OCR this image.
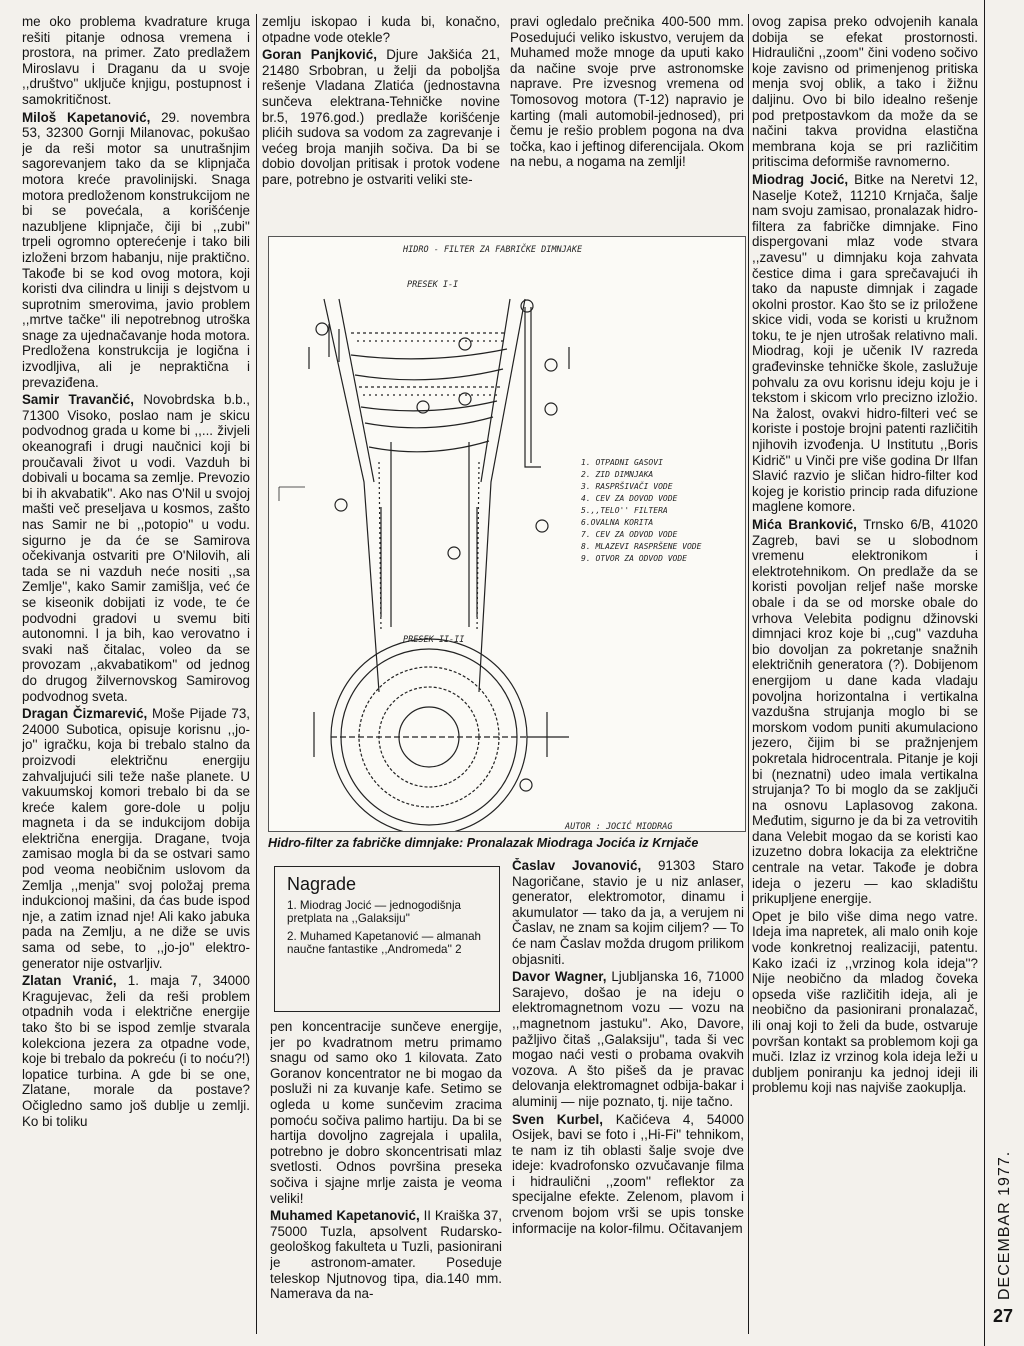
me oko problema kvadrature kruga rešiti pitanje odnosa vremena i prostora, na primer. Zato predlažem Miroslavu i Draganu da u svoje ,,društvo'' uključe knjigu, postupnost i samokritičnost.

Miloš Kapetanović, 29. novembra 53, 32300 Gornji Milanovac, pokušao je da reši motor sa unutrašnjim sagorevanjem tako da se klipnjača motora kreće pravolinijski. Snaga motora predloženom konstrukcijom ne bi se povećala, a korišćenje nazubljene klipnjače, čiji bi ,,zubi'' trpeli ogromno opterećenje i tako bili izloženi brzom habanju, nije praktično. Takođe bi se kod ovog motora, koji koristi dva cilindra u liniji s dejstvom u suprotnim smerovima, javio problem ,,mrtve tačke'' ili nepotrebnog utroška snage za ujednačavanje hoda motora. Predložena konstrukcija je logična i izvodljiva, ali je nepraktična i prevaziđena.

Samir Travančić, Novobrdska b.b., 71300 Visoko, poslao nam je skicu podvodnog grada u kome bi ,,... živjeli okeanografi i drugi naučnici koji bi proučavali život u vodi. Vazduh bi dobivali u bocama sa zemlje. Prevozio bi ih akvabatik''. Ako nas O'Nil u svojoj mašti več preseljava u kosmos, zašto nas Samir ne bi ,,potopio'' u vodu. sigurno je da će se Samirova očekivanja ostvariti pre O'Nilovih, ali tada se ni vazduh neće nositi ,,sa Zemlje'', kako Samir zamišlja, već će se kiseonik dobijati iz vode, te će podvodni gradovi u svemu biti autonomni. I ja bih, kao verovatno i svaki naš čitalac, voleo da se provozam ,,akvabatikom'' od jednog do drugog žilvernovskog Samirovog podvodnog sveta.

Dragan Čizmarević, Moše Pijade 73, 24000 Subotica, opisuje korisnu ,,jo-jo'' igračku, koja bi trebalo stalno da proizvodi električnu energiju zahvaljujući sili teže naše planete. U vakuumskoj komori trebalo bi da se kreće kalem gore-dole u polju magneta i da se indukcijom dobija električna energija. Dragane, tvoja zamisao mogla bi da se ostvari samo pod veoma neobičnim uslovom da Zemlja ,,menja'' svoj položaj prema indukcionoj mašini, da ćas bude ispod nje, a zatim iznad nje! Ali kako jabuka pada na Zemlju, a ne diže se uvis sama od sebe, to ,,jo-jo'' elektro-generator nije ostvarljiv.

Zlatan Vranić, 1. maja 7, 34000 Kragujevac, želi da reši problem otpadnih voda i električne energije tako što bi se ispod zemlje stvarala kolekciona jezera za otpadne vode, koje bi trebalo da pokreću (i to noću?!) lopatice turbina. A gde bi se one, Zlatane, morale da postave? Očigledno samo još dublje u zemlji. Ko bi toliku

zemlju iskopao i kuda bi, konačno, otpadne vode otekle?

Goran Panjković, Djure Jakšića 21, 21480 Srbobran, u želji da poboljša rešenje Vladana Zlatića (jednostavna sunčeva elektrana-Tehničke novine br.5, 1976.god.) predlaže korišćenje plićih sudova sa vodom za zagrevanje i većeg broja manjih sočiva. Da bi se dobio dovoljan pritisak i protok vodene pare, potrebno je ostvariti veliki ste-

pravi ogledalo prečnika 400-500 mm. Posedujući veliko iskustvo, verujem da Muhamed može mnoge da uputi kako da načine svoje prve astronomske naprave. Pre izvesnog vremena od Tomosovog motora (T-12) napravio je karting (mali automobil-jednosed), pri čemu je rešio problem pogona na dva točka, kao i jeftinog diferencijala. Okom na nebu, a nogama na zemlji!

HIDRO - FILTER ZA FABRIČKE DIMNJAKE
PRESEK I-I
PRESEK II-II
AUTOR : JOCIĆ MIODRAG
1. OTPADNI GASOVI
2. ZID DIMNJAKA
3. RASPRŠIVAČI VODE
4. CEV ZA DOVOD VODE
5.,,TELO'' FILTERA
6.OVALNA KORITA
7. CEV ZA ODVOD VODE
8. MLAZEVI RASPRŠENE VODE
9. OTVOR ZA ODVOD VODE
Hidro-filter za fabričke dimnjake: Pronalazak Miodraga Jocića iz Krnjače
Nagrade
1. Miodrag Jocić — jednogodišnja pretplata na ,,Galaksiju''
2. Muhamed Kapetanović — almanah naučne fantastike ,,Andromeda'' 2

pen koncentracije sunčeve energije, jer po kvadratnom metru primamo snagu od samo oko 1 kilovata. Zato Goranov koncentrator ne bi mogao da posluži ni za kuvanje kafe. Setimo se ogleda u kome sunčevim zracima pomoću sočiva palimo hartiju. Da bi se hartija dovoljno zagrejala i upalila, potrebno je dobro skoncentrisati mlaz svetlosti. Odnos površina preseka sočiva i sjajne mrlje zaista je veoma veliki!

Muhamed Kapetanović, II Kraiška 37, 75000 Tuzla, apsolvent Rudarsko-geološkog fakulteta u Tuzli, pasionirani je astronom-amater. Poseduje teleskop Njutnovog tipa, dia.140 mm. Namerava da na-

Časlav Jovanović, 91303 Staro Nagoričane, stavio je u niz anlaser, generator, elektromotor, dinamu i akumulator — tako da ja, a verujem ni Časlav, ne znam sa kojim ciljem? — To će nam Časlav možda drugom prilikom objasniti.

Davor Wagner, Ljubljanska 16, 71000 Sarajevo, došao je na ideju o elektromagnetnom vozu — vozu na ,,magnetnom jastuku''. Ako, Davore, pažljivo čitaš ,,Galaksiju'', tada ši vec mogao naći vesti o probama ovakvih vozova. A što pišeš da je pravac delovanja elektromagnet odbija-bakar i aluminij — nije poznato, tj. nije tačno.

Sven Kurbel, Kačićeva 4, 54000 Osijek, bavi se foto i ,,Hi-Fi'' tehnikom, te nam iz tih oblasti šalje svoje dve ideje: kvadrofonsko ozvučavanje filma i hidraulični ,,zoom'' reflektor za specijalne efekte. Zelenom, plavom i crvenom bojom vrši se upis tonske informacije na kolor-filmu. Očitavanjem

ovog zapisa preko odvojenih kanala dobija se efekat prostornosti. Hidraulični ,,zoom'' čini vodeno sočivo koje zavisno od primenjenog pritiska menja svoj oblik, a tako i žižnu daljinu. Ovo bi bilo idealno rešenje pod pretpostavkom da može da se načini takva providna elastična membrana koja se pri različitim pritiscima deformiše ravnomerno.

Miodrag Jocić, Bitke na Neretvi 12, Naselje Kotež, 11210 Krnjača, šalje nam svoju zamisao, pronalazak hidro-filtera za fabričke dimnjake. Fino dispergovani mlaz vode stvara ,,zavesu'' u dimnjaku koja zahvata čestice dima i gara sprečavajući ih tako da napuste dimnjak i zagade okolni prostor. Kao što se iz priložene skice vidi, voda se koristi u kružnom toku, te je njen utrošak relativno mali. Miodrag, koji je učenik IV razreda građevinske tehničke škole, zaslužuje pohvalu za ovu korisnu ideju koju je i tekstom i skicom vrlo precizno izložio. Na žalost, ovakvi hidro-filteri već se koriste i postoje brojni patenti različitih njihovih izvođenja. U Institutu ,,Boris Kidrič'' u Vinči pre više godina Dr Ilfan Slavić razvio je sličan hidro-filter kod kojeg je koristio princip rada difuzione maglene komore.

Mića Branković, Trnsko 6/B, 41020 Zagreb, bavi se u slobodnom vremenu elektronikom i elektrotehnikom. On predlaže da se koristi povoljan reljef naše morske obale i da se od morske obale do vrhova Velebita podignu džinovski dimnjaci kroz koje bi ,,cug'' vazduha bio dovoljan za pokretanje snažnih električnih generatora (?). Dobijenom energijom u dane kada vladaju povoljna horizontalna i vertikalna vazdušna strujanja moglo bi se morskom vodom puniti akumulaciono jezero, čijim bi se pražnjenjem pokretala hidrocentrala. Pitanje je koji bi (neznatni) udeo imala vertikalna strujanja? To bi moglo da se zaključi na osnovu Laplasovog zakona. Međutim, sigurno je da bi za vetrovitih dana Velebit mogao da se koristi kao izuzetno dobra lokacija za električne centrale na vetar. Takođe je dobra ideja o jezeru — kao skladištu prikupljene energije.

Opet je bilo više dima nego vatre. Ideja ima napretek, ali malo onih koje vode konkretnoj realizaciji, patentu. Kako izaći iz ,,vrzinog kola ideja''? Nije neobično da mladog čoveka opseda više različitih ideja, ali je neobično da pasionirani pronalazač, ili onaj koji to želi da bude, ostvaruje površan kontakt sa problemom koji ga muči. Izlaz iz vrzinog kola ideja leži u dubljem poniranju ka jednoj ideji ili problemu koji nas najviše zaokuplja.

DECEMBAR 1977.
27
